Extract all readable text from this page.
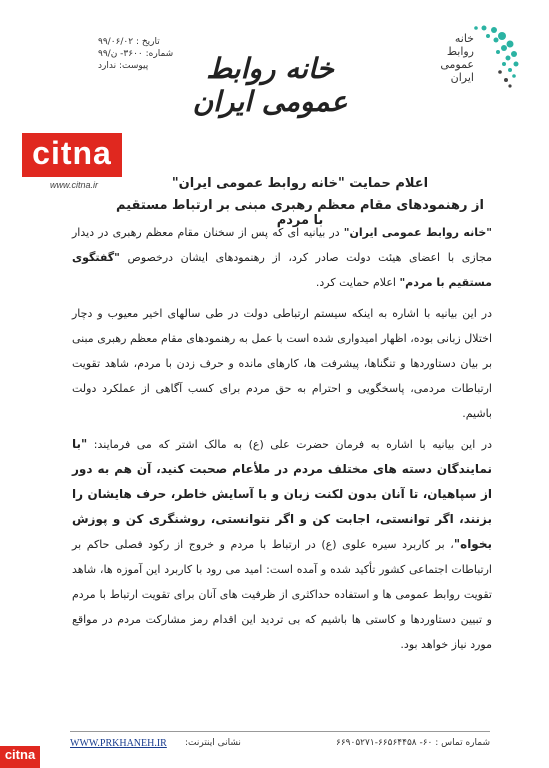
تاریخ : ۹۹/۰۶/۰۲
شماره: ۳۶۰۰- ن/۹۹
پیوست: ندارد	خانه روابط عمومی ایران
خانه
روابط
عمومی
ایران
citna
www.citna.ir	اعلام حمایت "خانه روابط عمومی ایران"
از رهنمودهای مقام معظم رهبری مبنی بر ارتباط مستقیم با مردم

"خانه روابط عمومی ایران" در بیانیه ای که پس از سخنان مقام معظم رهبری در دیدار مجازی با اعضای هیئت دولت صادر کرد، از رهنمودهای ایشان درخصوص "گفتگوی مستقیم با مردم" اعلام حمایت کرد.

در این بیانیه با اشاره به اینکه سیستم ارتباطی دولت در طی سالهای اخیر معیوب و دچار اختلال زبانی بوده، اظهار امیدواری شده است با عمل به رهنمودهای مقام معظم رهبری مبنی بر بیان دستاوردها و تنگناها، پیشرفت ها، کارهای مانده و حرف زدن با مردم، شاهد تقویت ارتباطات مردمی، پاسخگویی و احترام به حق مردم برای کسب آگاهی از عملکرد دولت باشیم.

در این بیانیه با اشاره به فرمان حضرت علی (ع) به مالک اشتر که می فرمایند: "با نمایندگان دسته های مختلف مردم در ملأعام صحبت کنید، آن هم به دور از سپاهیان، تا آنان بدون لکنت زبان و با آسایش خاطر، حرف هایشان را بزنند، اگر توانستی، اجابت کن و اگر نتوانستی، روشنگری کن و پوزش بخواه"، بر کاربرد سیره علوی (ع) در ارتباط با مردم و خروج از رکود فصلی حاکم بر ارتباطات اجتماعی کشور تأکید شده و آمده است: امید می رود با کاربرد این آموزه ها، شاهد تقویت روابط عمومی ها و استفاده حداکثری از ظرفیت های آنان برای تقویت ارتباط با مردم و تبیین دستاوردها و کاستی ها باشیم که بی تردید این اقدام رمز مشارکت مردم در مواقع مورد نیاز خواهد بود.

WWW.PRKHANEH.IR نشانی اینترنت:	شماره تماس : ۶۰- ۶۶۵۶۴۴۵۸-۶۶۹۰۵۲۷۱
citna
